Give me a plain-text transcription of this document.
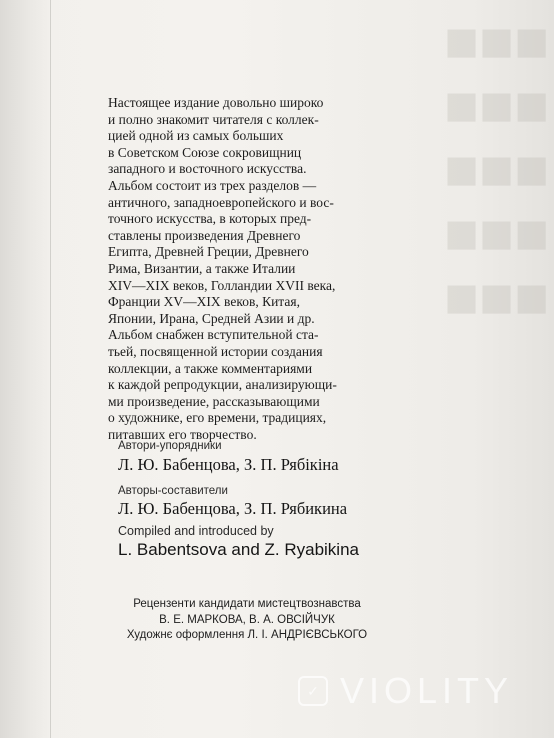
■■■
■■■
■■■
■■■
■■■

Настоящее издание довольно широко
и полно знакомит читателя с коллек-
цией одной из самых больших
в Советском Союзе сокровищниц
западного и восточного искусства.
Альбом состоит из трех разделов —
античного, западноевропейского и вос-
точного искусства, в которых пред-
ставлены произведения Древнего
Египта, Древней Греции, Древнего
Рима, Византии, а также Италии
XIV—XIX веков, Голландии XVII века,
Франции XV—XIX веков, Китая,
Японии, Ирана, Средней Азии и др.
Альбом снабжен вступительной ста-
тьей, посвященной истории создания
коллекции, а также комментариями
к каждой репродукции, анализирующи-
ми произведение, рассказывающими
о художнике, его времени, традициях,
питавших его творчество.

Автори-упорядники
Л. Ю. Бабенцова, З. П. Рябікіна
Авторы-составители
Л. Ю. Бабенцова, З. П. Рябикина
Compiled and introduced by
L. Babentsova and Z. Ryabikina
Рецензенти кандидати мистецтвознавства
В. Е. МАРКОВА, В. А. ОВСІЙЧУК
Художнє оформлення Л. І. АНДРІЄВСЬКОГО
✓ VIOLITY
